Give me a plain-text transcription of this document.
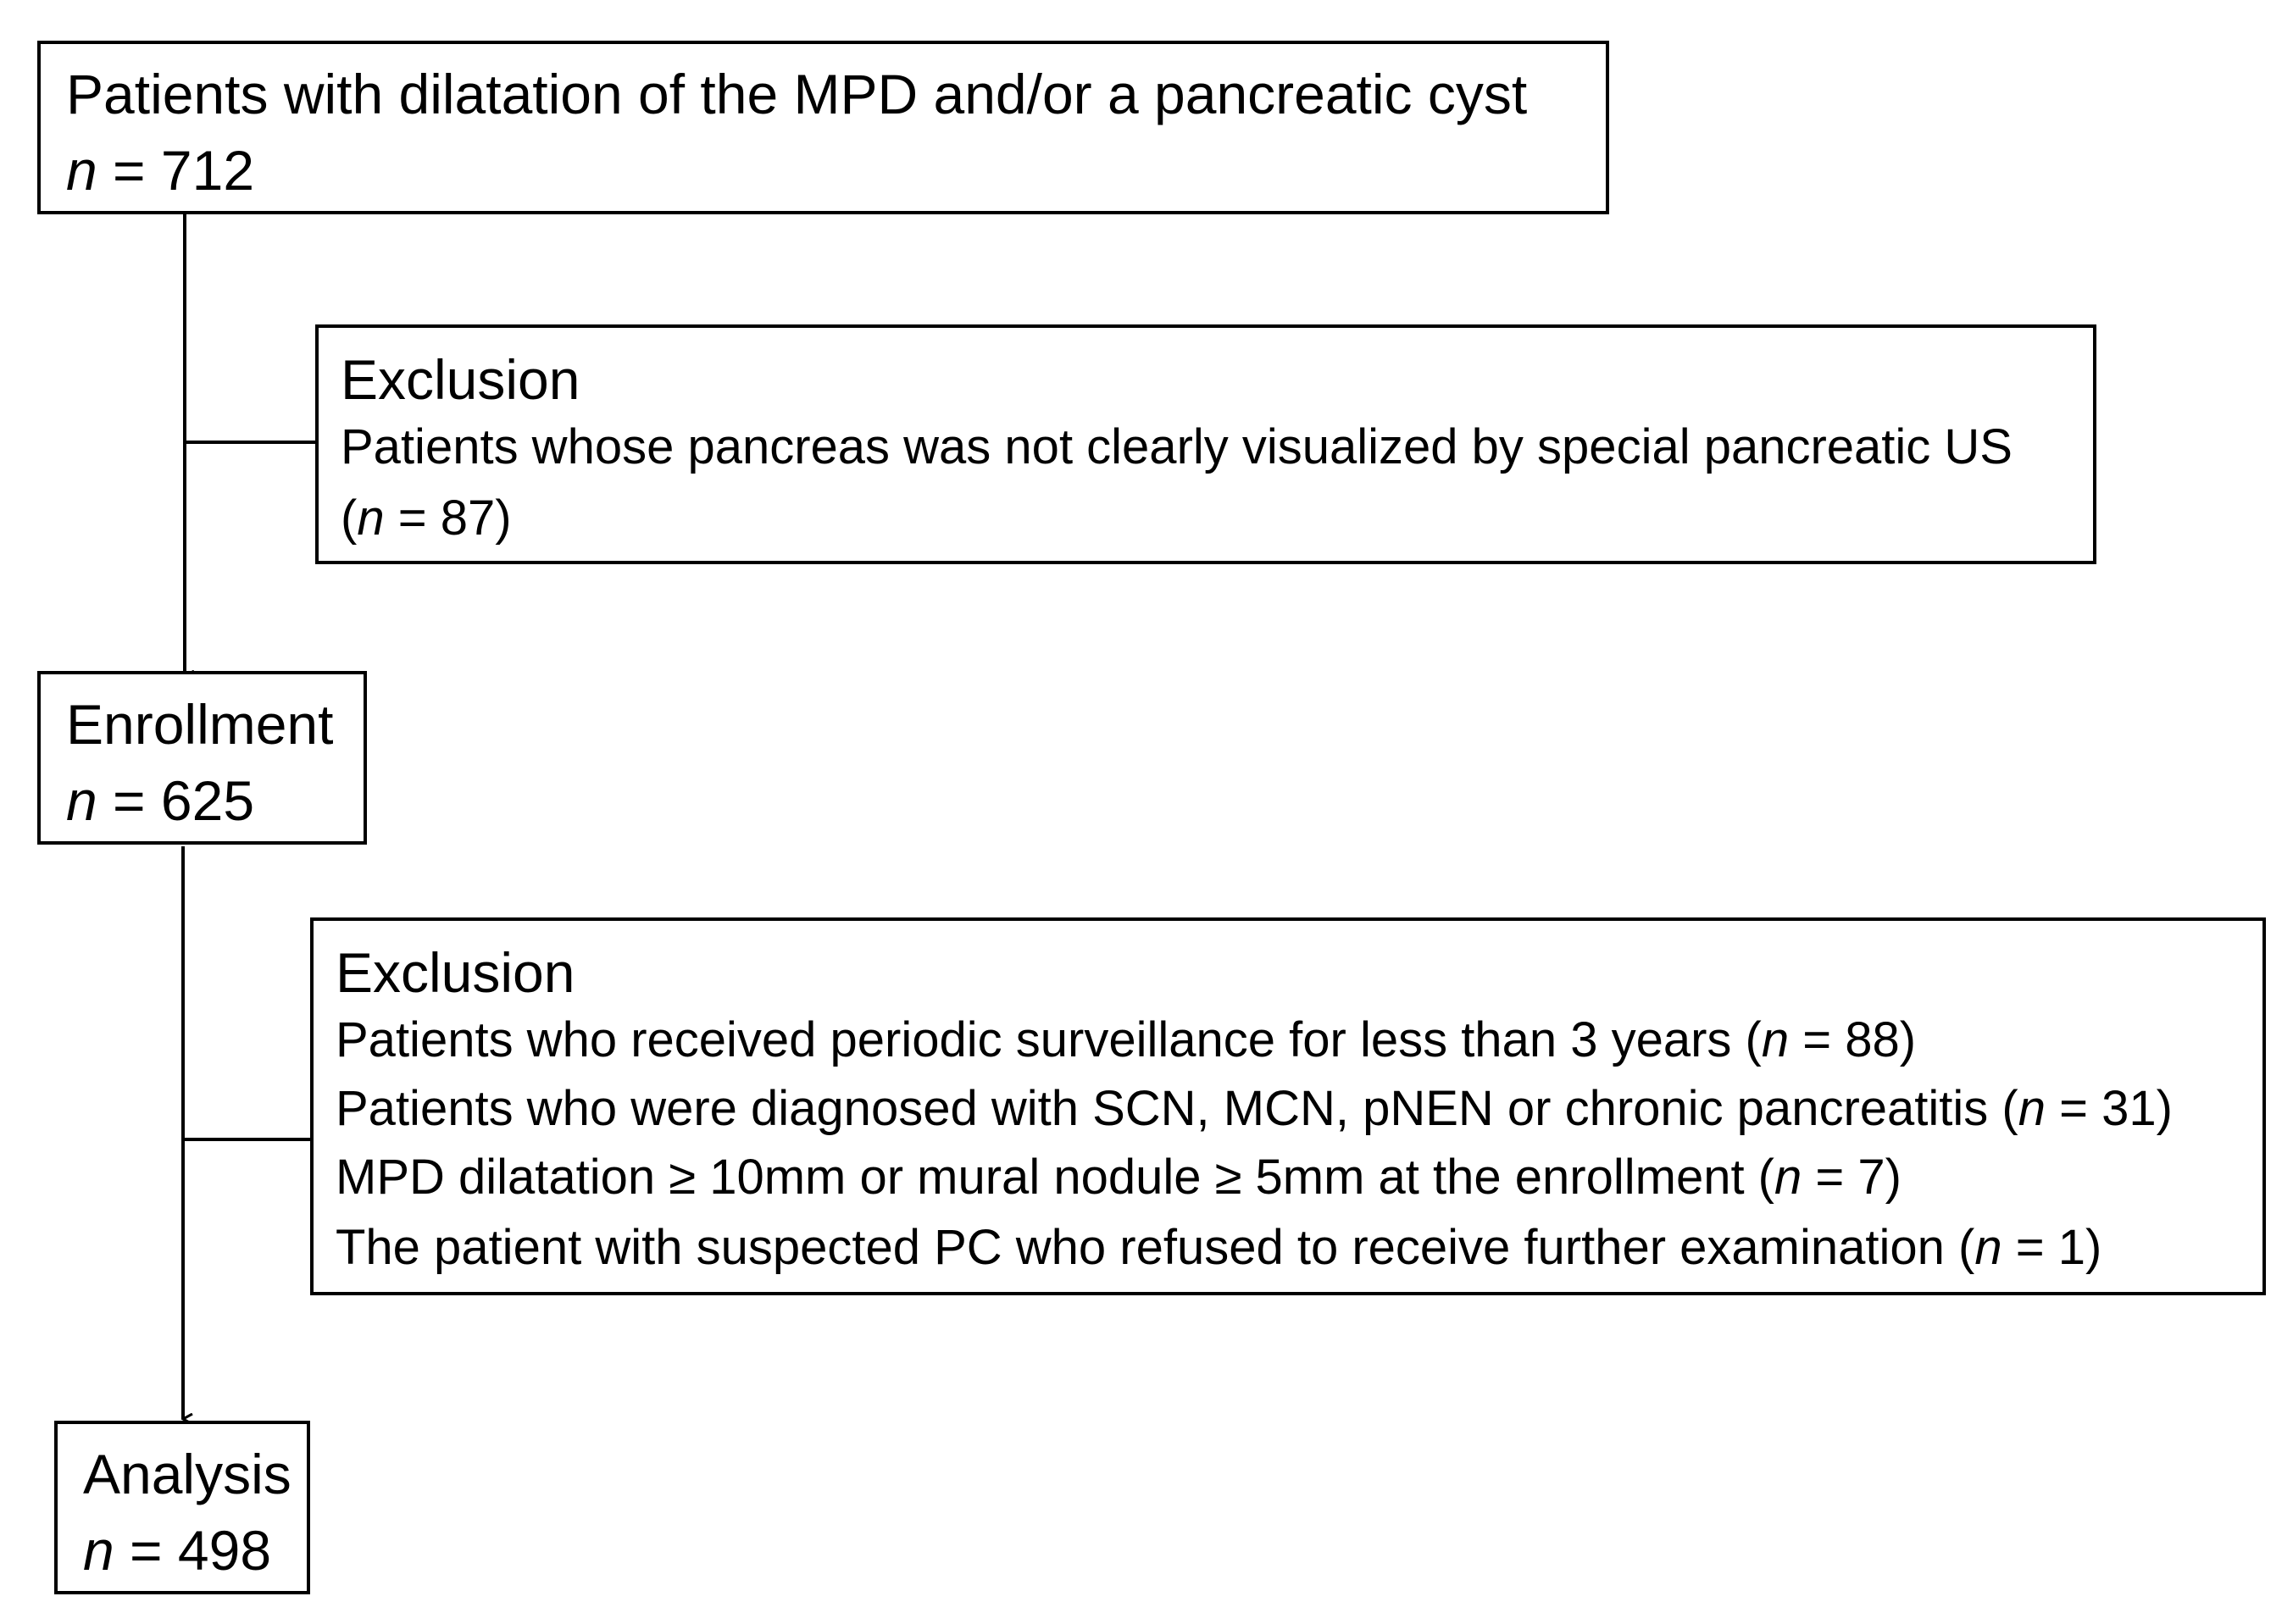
Patients with dilatation of the MPD and/or a pancreatic cyst
n = 712
Exclusion
Patients whose pancreas was not clearly visualized by special pancreatic US
(n = 87)
Enrollment
n = 625
Exclusion
Patients who received periodic surveillance for less than 3 years (n = 88)
Patients who were diagnosed with SCN, MCN, pNEN or chronic pancreatitis (n = 31)
MPD dilatation ≥ 10mm or mural nodule ≥ 5mm at the enrollment (n = 7)
The patient with suspected PC who refused to receive further examination (n = 1)
Analysis
n = 498
